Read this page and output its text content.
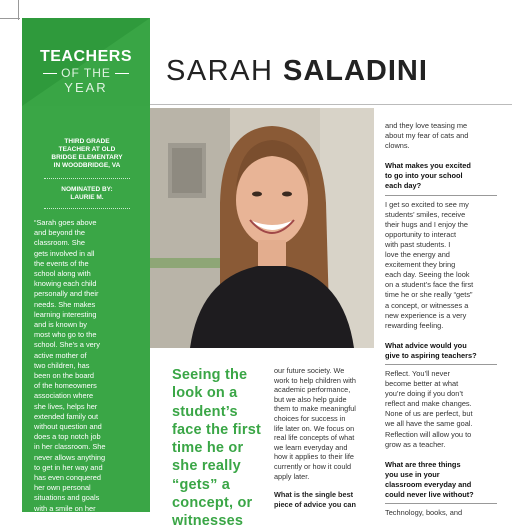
TEACHERS
OF THE
YEAR
THIRD GRADE
TEACHER AT OLD
BRIDGE ELEMENTARY
IN WOODBRIDGE, VA
NOMINATED BY:
LAURIE M.
“Sarah goes above
and beyond the
classroom. She
gets involved in all
the events of the
school along with
knowing each child
personally and their
needs. She makes
learning interesting
and is known by
most who go to the
school. She's a very
active mother of
two children, has
been on the board
of the homeowners
association where
she lives, helps her
extended family out
without question and
does a top notch job
in her classroom. She
never allows anything
to get in her way and
has even conquered
her own personal
situations and goals
with a smile on her
SARAH SALADINI
Seeing the
look on a
student’s
face the first
time he or
she really
“gets” a
concept, or
witnesses
our future society. We
work to help children with
academic performance,
but we also help guide
them to make meaningful
choices for success in
life later on. We focus on
real life concepts of what
we learn everyday and
how it applies to their life
currently or how it could
apply later.
What is the single best
piece of advice you can
and they love teasing me
about my fear of cats and
clowns.
What makes you excited
to go into your school
each day?
I get so excited to see my
students’ smiles, receive
their hugs and I enjoy the
opportunity to interact
with past students. I
love the energy and
excitement they bring
each day. Seeing the look
on a student’s face the first
time he or she really “gets”
a concept, or witnesses a
new experience is a very
rewarding feeling.
What advice would you
give to aspiring teachers?
Reflect. You’ll never
become better at what
you’re doing if you don’t
reflect and make changes.
None of us are perfect, but
we all have the same goal.
Reflection will allow you to
grow as a teacher.
What are three things
you use in your
classroom everyday and
could never live without?
Technology, books, and
